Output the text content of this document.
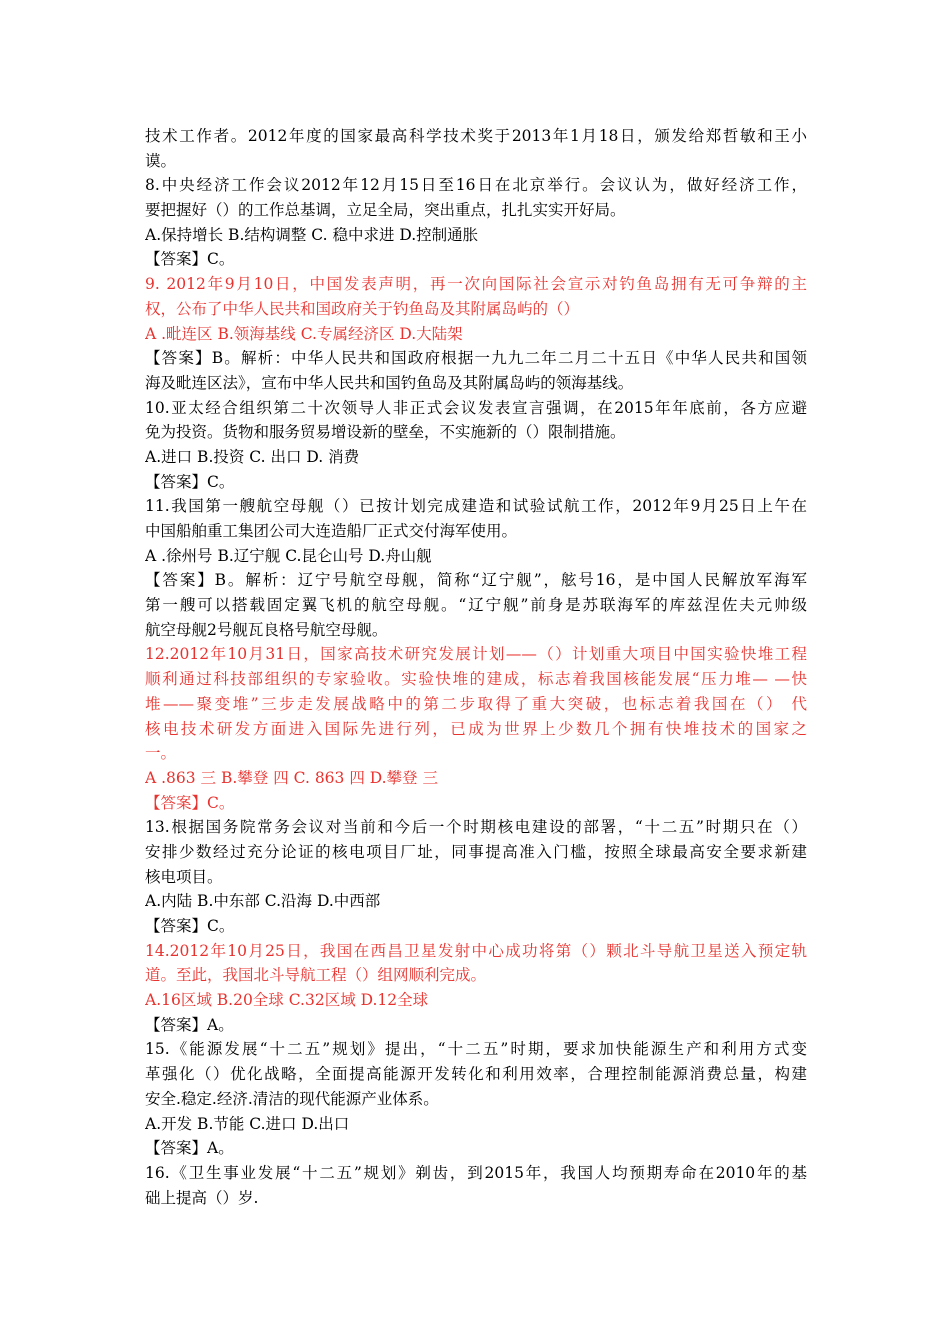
技术工作者。2012年度的国家最高科学技术奖于2013年1月18日，颁发给郑哲敏和王小
谟。
8.中央经济工作会议2012年12月15日至16日在北京举行。会议认为，做好经济工作，
要把握好（）的工作总基调，立足全局，突出重点，扎扎实实开好局。
A.保持增长 B.结构调整 C. 稳中求进 D.控制通胀
【答案】C。
9. 2012年9月10日，中国发表声明，再一次向国际社会宣示对钓鱼岛拥有无可争辩的主
权，公布了中华人民共和国政府关于钓鱼岛及其附属岛屿的（）
A .毗连区 B.领海基线 C.专属经济区 D.大陆架
【答案】B。解析：中华人民共和国政府根据一九九二年二月二十五日《中华人民共和国领
海及毗连区法》，宣布中华人民共和国钓鱼岛及其附属岛屿的领海基线。
10.亚太经合组织第二十次领导人非正式会议发表宣言强调，在2015年年底前，各方应避
免为投资。货物和服务贸易增设新的壁垒，不实施新的（）限制措施。
A.进口 B.投资 C. 出口 D. 消费
【答案】C。
11.我国第一艘航空母舰（）已按计划完成建造和试验试航工作，2012年9月25日上午在
中国船舶重工集团公司大连造船厂正式交付海军使用。
A .徐州号 B.辽宁舰 C.昆仑山号 D.舟山舰
【答案】B。解析：辽宁号航空母舰，简称“辽宁舰”，舷号16，是中国人民解放军海军
第一艘可以搭载固定翼飞机的航空母舰。“辽宁舰”前身是苏联海军的库兹涅佐夫元帅级
航空母舰2号舰瓦良格号航空母舰。
12.2012年10月31日，国家高技术研究发展计划——（）计划重大项目中国实验快堆工程
顺利通过科技部组织的专家验收。实验快堆的建成，标志着我国核能发展“压力堆— —快
堆——聚变堆”三步走发展战略中的第二步取得了重大突破，也标志着我国在（） 代
核电技术研发方面进入国际先进行列，已成为世界上少数几个拥有快堆技术的国家之
一。
A .863 三 B.攀登 四 C. 863 四 D.攀登 三
【答案】C。
13.根据国务院常务会议对当前和今后一个时期核电建设的部署，“十二五”时期只在（）
安排少数经过充分论证的核电项目厂址，同事提高准入门槛，按照全球最高安全要求新建
核电项目。
A.内陆 B.中东部 C.沿海 D.中西部
【答案】C。
14.2012年10月25日，我国在西昌卫星发射中心成功将第（）颗北斗导航卫星送入预定轨
道。至此，我国北斗导航工程（）组网顺利完成。
A.16区域 B.20全球 C.32区域 D.12全球
【答案】A。
15.《能源发展“十二五”规划》提出，“十二五”时期，要求加快能源生产和利用方式变
革强化（）优化战略，全面提高能源开发转化和利用效率，合理控制能源消费总量，构建
安全.稳定.经济.清洁的现代能源产业体系。
A.开发 B.节能 C.进口 D.出口
【答案】A。
16.《卫生事业发展“十二五”规划》剃齿，到2015年，我国人均预期寿命在2010年的基
础上提高（）岁.
